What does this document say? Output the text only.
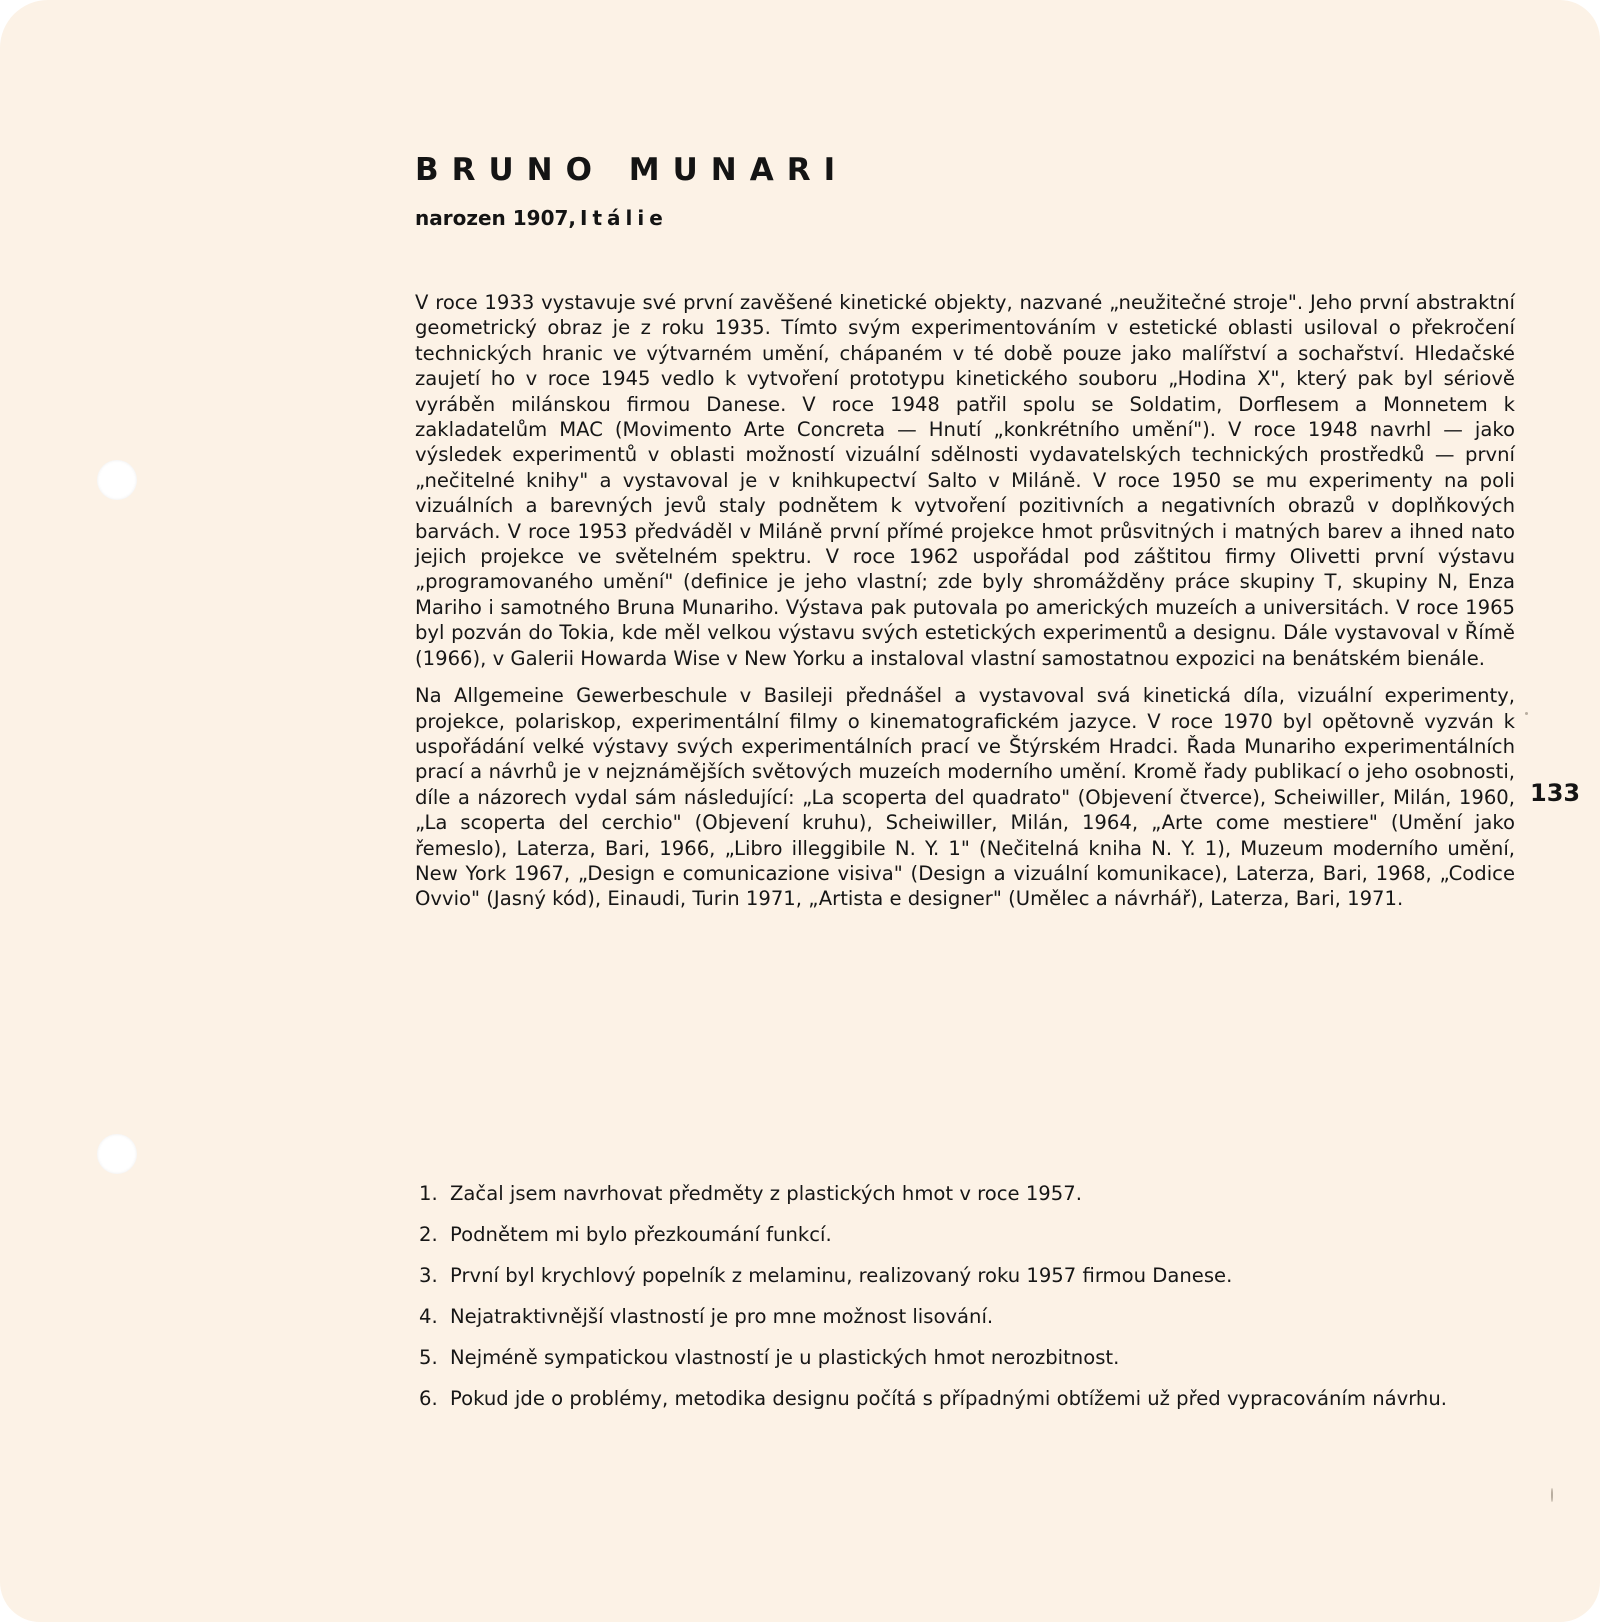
BRUNO MUNARI
narozen 1907, Itálie

V roce 1933 vystavuje své první zavěšené kinetické objekty, nazvané „neužitečné stroje". Jeho první abstraktní geometrický obraz je z roku 1935. Tímto svým experimentováním v estetické oblasti usiloval o překročení technických hranic ve výtvarném umění, chápaném v té době pouze jako malířství a sochařství. Hledačské zaujetí ho v roce 1945 vedlo k vytvoření prototypu kinetického souboru „Hodina X", který pak byl sériově vyráběn milánskou firmou Danese. V roce 1948 patřil spolu se Soldatim, Dorflesem a Monnetem k zakladatelům MAC (Movimento Arte Concreta — Hnutí „konkrétního umění"). V roce 1948 navrhl — jako výsledek experimentů v oblasti možností vizuální sdělnosti vydavatelských technických prostředků — první „nečitelné knihy" a vystavoval je v knihkupectví Salto v Miláně. V roce 1950 se mu experimenty na poli vizuálních a barevných jevů staly podnětem k vytvoření pozitivních a negativních obrazů v doplňkových barvách. V roce 1953 předváděl v Miláně první přímé projekce hmot průsvitných i matných barev a ihned nato jejich projekce ve světelném spektru. V roce 1962 uspořádal pod záštitou firmy Olivetti první výstavu „programovaného umění" (definice je jeho vlastní; zde byly shromážděny práce skupiny T, skupiny N, Enza Mariho i samotného Bruna Munariho. Výstava pak putovala po amerických muzeích a universitách. V roce 1965 byl pozván do Tokia, kde měl velkou výstavu svých estetických experimentů a designu. Dále vystavoval v Římě (1966), v Galerii Howarda Wise v New Yorku a instaloval vlastní samostatnou expozici na benátském bienále.

Na Allgemeine Gewerbeschule v Basileji přednášel a vystavoval svá kinetická díla, vizuální experimenty, projekce, polariskop, experimentální filmy o kinematografickém jazyce. V roce 1970 byl opětovně vyzván k uspořádání velké výstavy svých experimentálních prací ve Štýrském Hradci. Řada Munariho experimentálních prací a návrhů je v nejznámějších světových muzeích moderního umění. Kromě řady publikací o jeho osobnosti, díle a názorech vydal sám následující: „La scoperta del quadrato" (Objevení čtverce), Scheiwiller, Milán, 1960, „La scoperta del cerchio" (Objevení kruhu), Scheiwiller, Milán, 1964, „Arte come mestiere" (Umění jako řemeslo), Laterza, Bari, 1966, „Libro illeggibile N. Y. 1" (Nečitelná kniha N. Y. 1), Muzeum moderního umění, New York 1967, „Design e comunicazione visiva" (Design a vizuální komunikace), Laterza, Bari, 1968, „Codice Ovvio" (Jasný kód), Einaudi, Turin 1971, „Artista e designer" (Umělec a návrhář), Laterza, Bari, 1971.

133
1. Začal jsem navrhovat předměty z plastických hmot v roce 1957.
2. Podnětem mi bylo přezkoumání funkcí.
3. První byl krychlový popelník z melaminu, realizovaný roku 1957 firmou Danese.
4. Nejatraktivnější vlastností je pro mne možnost lisování.
5. Nejméně sympatickou vlastností je u plastických hmot nerozbitnost.
6. Pokud jde o problémy, metodika designu počítá s případnými obtížemi už před vypracováním návrhu.
